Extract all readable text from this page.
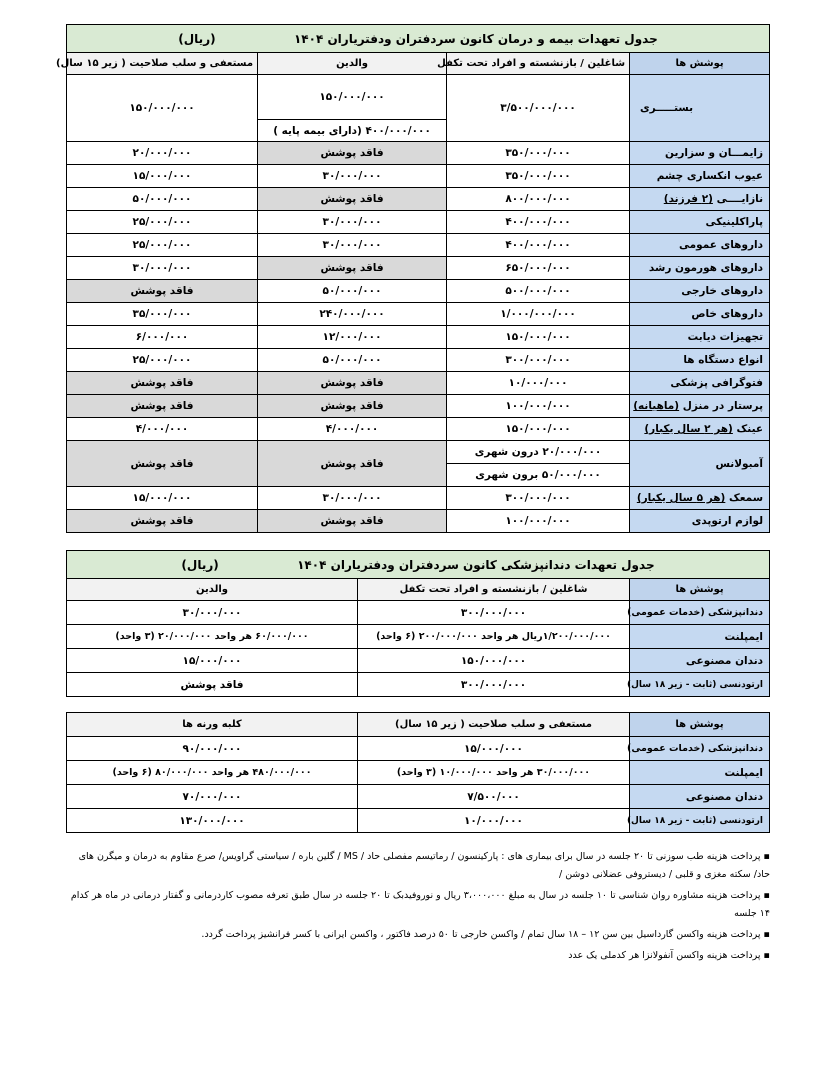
جدول تعهدات بیمه و درمان کانون سردفتران ودفتریاران ۱۴۰۴  (ریال)			
پوشش ها	شاغلین / بازنشسته و افراد تحت تکفل	والدین	مستعفی و سلب صلاحیت ( زیر ۱۵ سال)
بستـــــری	۳/۵۰۰/۰۰۰/۰۰۰	۱۵۰/۰۰۰/۰۰۰	۱۵۰/۰۰۰/۰۰۰
		۴۰۰/۰۰۰/۰۰۰ (دارای بیمه پایه )	
زایمـــان و سزارین	۳۵۰/۰۰۰/۰۰۰	فاقد پوشش	۲۰/۰۰۰/۰۰۰
عیوب انکساری چشم	۳۵۰/۰۰۰/۰۰۰	۳۰/۰۰۰/۰۰۰	۱۵/۰۰۰/۰۰۰
نازایــــی (۲ فرزند)	۸۰۰/۰۰۰/۰۰۰	فاقد پوشش	۵۰/۰۰۰/۰۰۰
پاراکلینیکی	۴۰۰/۰۰۰/۰۰۰	۳۰/۰۰۰/۰۰۰	۲۵/۰۰۰/۰۰۰
داروهای عمومی	۴۰۰/۰۰۰/۰۰۰	۳۰/۰۰۰/۰۰۰	۲۵/۰۰۰/۰۰۰
داروهای هورمون رشد	۶۵۰/۰۰۰/۰۰۰	فاقد پوشش	۳۰/۰۰۰/۰۰۰
داروهای خارجی	۵۰۰/۰۰۰/۰۰۰	۵۰/۰۰۰/۰۰۰	فاقد پوشش
داروهای خاص	۱/۰۰۰/۰۰۰/۰۰۰	۲۴۰/۰۰۰/۰۰۰	۳۵/۰۰۰/۰۰۰
تجهیزات دیابت	۱۵۰/۰۰۰/۰۰۰	۱۲/۰۰۰/۰۰۰	۶/۰۰۰/۰۰۰
انواع دستگاه ها	۳۰۰/۰۰۰/۰۰۰	۵۰/۰۰۰/۰۰۰	۲۵/۰۰۰/۰۰۰
فتوگرافی پزشکی	۱۰/۰۰۰/۰۰۰	فاقد پوشش	فاقد پوشش
پرستار در منزل (ماهیانه)	۱۰۰/۰۰۰/۰۰۰	فاقد پوشش	فاقد پوشش
عینک (هر ۲ سال یکبار)	۱۵۰/۰۰۰/۰۰۰	۴/۰۰۰/۰۰۰	۴/۰۰۰/۰۰۰
آمبولانس	۲۰/۰۰۰/۰۰۰ درون شهری	فاقد پوشش	فاقد پوشش
	۵۰/۰۰۰/۰۰۰ برون شهری		
سمعک (هر ۵ سال یکبار)	۳۰۰/۰۰۰/۰۰۰	۳۰/۰۰۰/۰۰۰	۱۵/۰۰۰/۰۰۰
لوازم ارتوپدی	۱۰۰/۰۰۰/۰۰۰	فاقد پوشش	فاقد پوشش
جدول تعهدات دندانپزشکی کانون سردفتران ودفتریاران ۱۴۰۴  (ریال)		
پوشش ها	شاغلین / بازنشسته و افراد تحت تکفل	والدین
دندانپزشکی (خدمات عمومی)	۳۰۰/۰۰۰/۰۰۰	۳۰/۰۰۰/۰۰۰
ایمپلنت	۱/۲۰۰/۰۰۰/۰۰۰ریال هر واحد ۲۰۰/۰۰۰/۰۰۰ (۶ واحد)	۶۰/۰۰۰/۰۰۰ هر واحد ۲۰/۰۰۰/۰۰۰ (۳ واحد)
دندان مصنوعی	۱۵۰/۰۰۰/۰۰۰	۱۵/۰۰۰/۰۰۰
ارتودنسی (ثابت - زیر ۱۸ سال)	۳۰۰/۰۰۰/۰۰۰	فاقد پوشش
پوشش ها	مستعفی و سلب صلاحیت ( زیر ۱۵ سال)	کلبه ورنه ها
دندانپزشکی (خدمات عمومی)	۱۵/۰۰۰/۰۰۰	۹۰/۰۰۰/۰۰۰
ایمپلنت	۳۰/۰۰۰/۰۰۰ هر واحد ۱۰/۰۰۰/۰۰۰ (۳ واحد)	۴۸۰/۰۰۰/۰۰۰ هر واحد ۸۰/۰۰۰/۰۰۰ (۶ واحد)
دندان مصنوعی	۷/۵۰۰/۰۰۰	۷۰/۰۰۰/۰۰۰
ارتودنسی (ثابت - زیر ۱۸ سال)	۱۰/۰۰۰/۰۰۰	۱۳۰/۰۰۰/۰۰۰

▪ پرداخت هزینه طب سوزنی تا ۲۰ جلسه در سال برای بیماری های : پارکینسون / رماتیسم مفصلی حاد / MS / گلین باره / سیاستی گراویس/ صرع مقاوم به درمان و میگرن های حاد/ سکته مغزی و قلبی / دیستروفی عضلانی دوشن /

▪ پرداخت هزینه مشاوره روان شناسی تا ۱۰ جلسه در سال به مبلغ ۳،۰۰۰،۰۰۰ ریال و نوروفیدبک تا ۲۰ جلسه در سال طبق تعرفه مصوب کاردرمانی و گفتار درمانی در ماه هر کدام ۱۴ جلسه

▪ پرداخت هزینه واکسن گارداسیل بین سن ۱۲ – ۱۸ سال تمام / واکسن خارجی تا ۵۰ درصد فاکتور ، واکسن ایرانی با کسر فرانشیز پرداخت گردد.

▪ پرداخت هزینه واکسن آنفولانزا هر کدملی یک عدد
